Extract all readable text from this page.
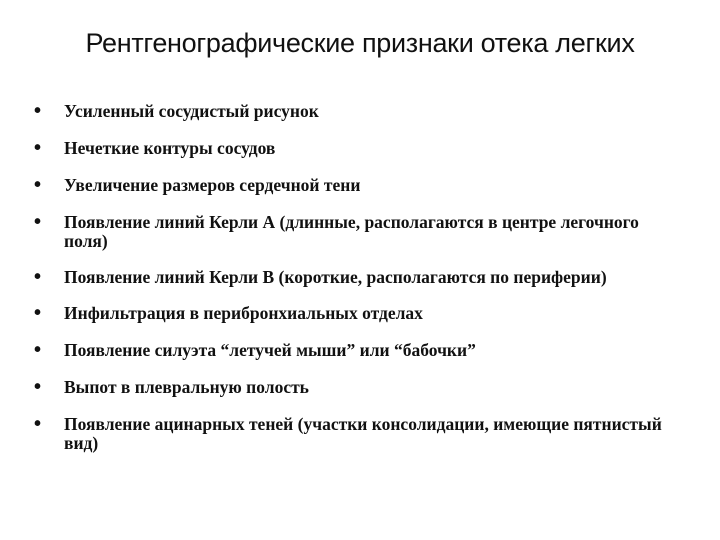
Рентгенографические признаки отека легких
• Усиленный сосудистый рисунок
• Нечеткие контуры сосудов
• Увеличение размеров сердечной тени
• Появление линий Керли А (длинные, располагаются в центре легочного поля)
• Появление линий Керли В (короткие, располагаются по периферии)
• Инфильтрация в перибронхиальных отделах
• Появление силуэта “летучей мыши” или “бабочки”
• Выпот в плевральную полость
• Появление ацинарных теней (участки консолидации, имеющие пятнистый вид)
